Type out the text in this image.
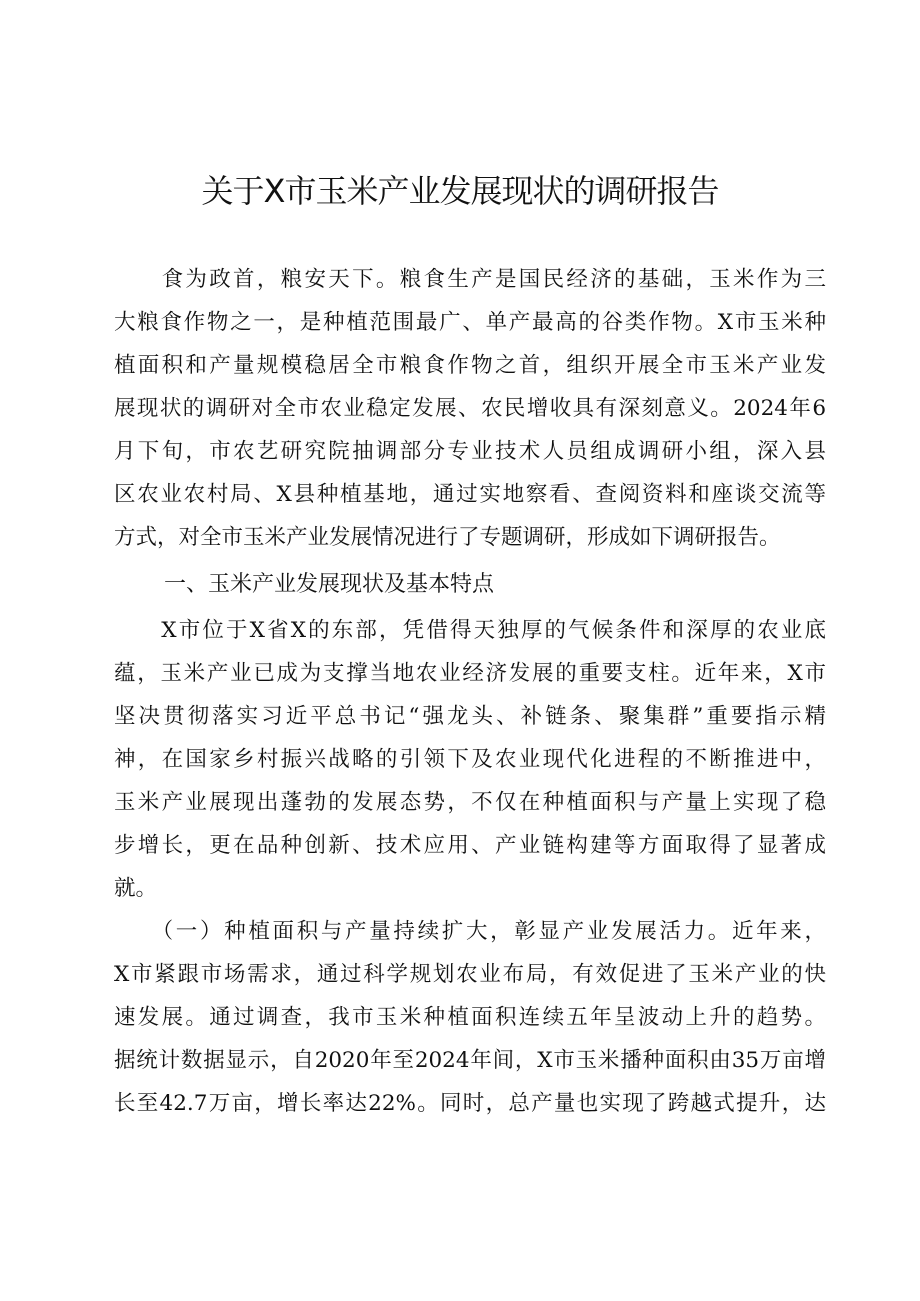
关于X市玉米产业发展现状的调研报告
　　食为政首，粮安天下。粮食生产是国民经济的基础，玉米作为三
大粮食作物之一，是种植范围最广、单产最高的谷类作物。X市玉米种
植面积和产量规模稳居全市粮食作物之首，组织开展全市玉米产业发
展现状的调研对全市农业稳定发展、农民增收具有深刻意义。2024年6
月下旬，市农艺研究院抽调部分专业技术人员组成调研小组，深入县
区农业农村局、X县种植基地，通过实地察看、查阅资料和座谈交流等
方式，对全市玉米产业发展情况进行了专题调研，形成如下调研报告。
一、玉米产业发展现状及基本特点
　　X市位于X省X的东部，凭借得天独厚的气候条件和深厚的农业底
蕴，玉米产业已成为支撑当地农业经济发展的重要支柱。近年来，X市
坚决贯彻落实习近平总书记“强龙头、补链条、聚集群”重要指示精
神，在国家乡村振兴战略的引领下及农业现代化进程的不断推进中，
玉米产业展现出蓬勃的发展态势，不仅在种植面积与产量上实现了稳
步增长，更在品种创新、技术应用、产业链构建等方面取得了显著成
就。
　　（一）种植面积与产量持续扩大，彰显产业发展活力。近年来，
X市紧跟市场需求，通过科学规划农业布局，有效促进了玉米产业的快
速发展。通过调查，我市玉米种植面积连续五年呈波动上升的趋势。
据统计数据显示，自2020年至2024年间，X市玉米播种面积由35万亩增
长至42.7万亩，增长率达22%。同时，总产量也实现了跨越式提升，达
